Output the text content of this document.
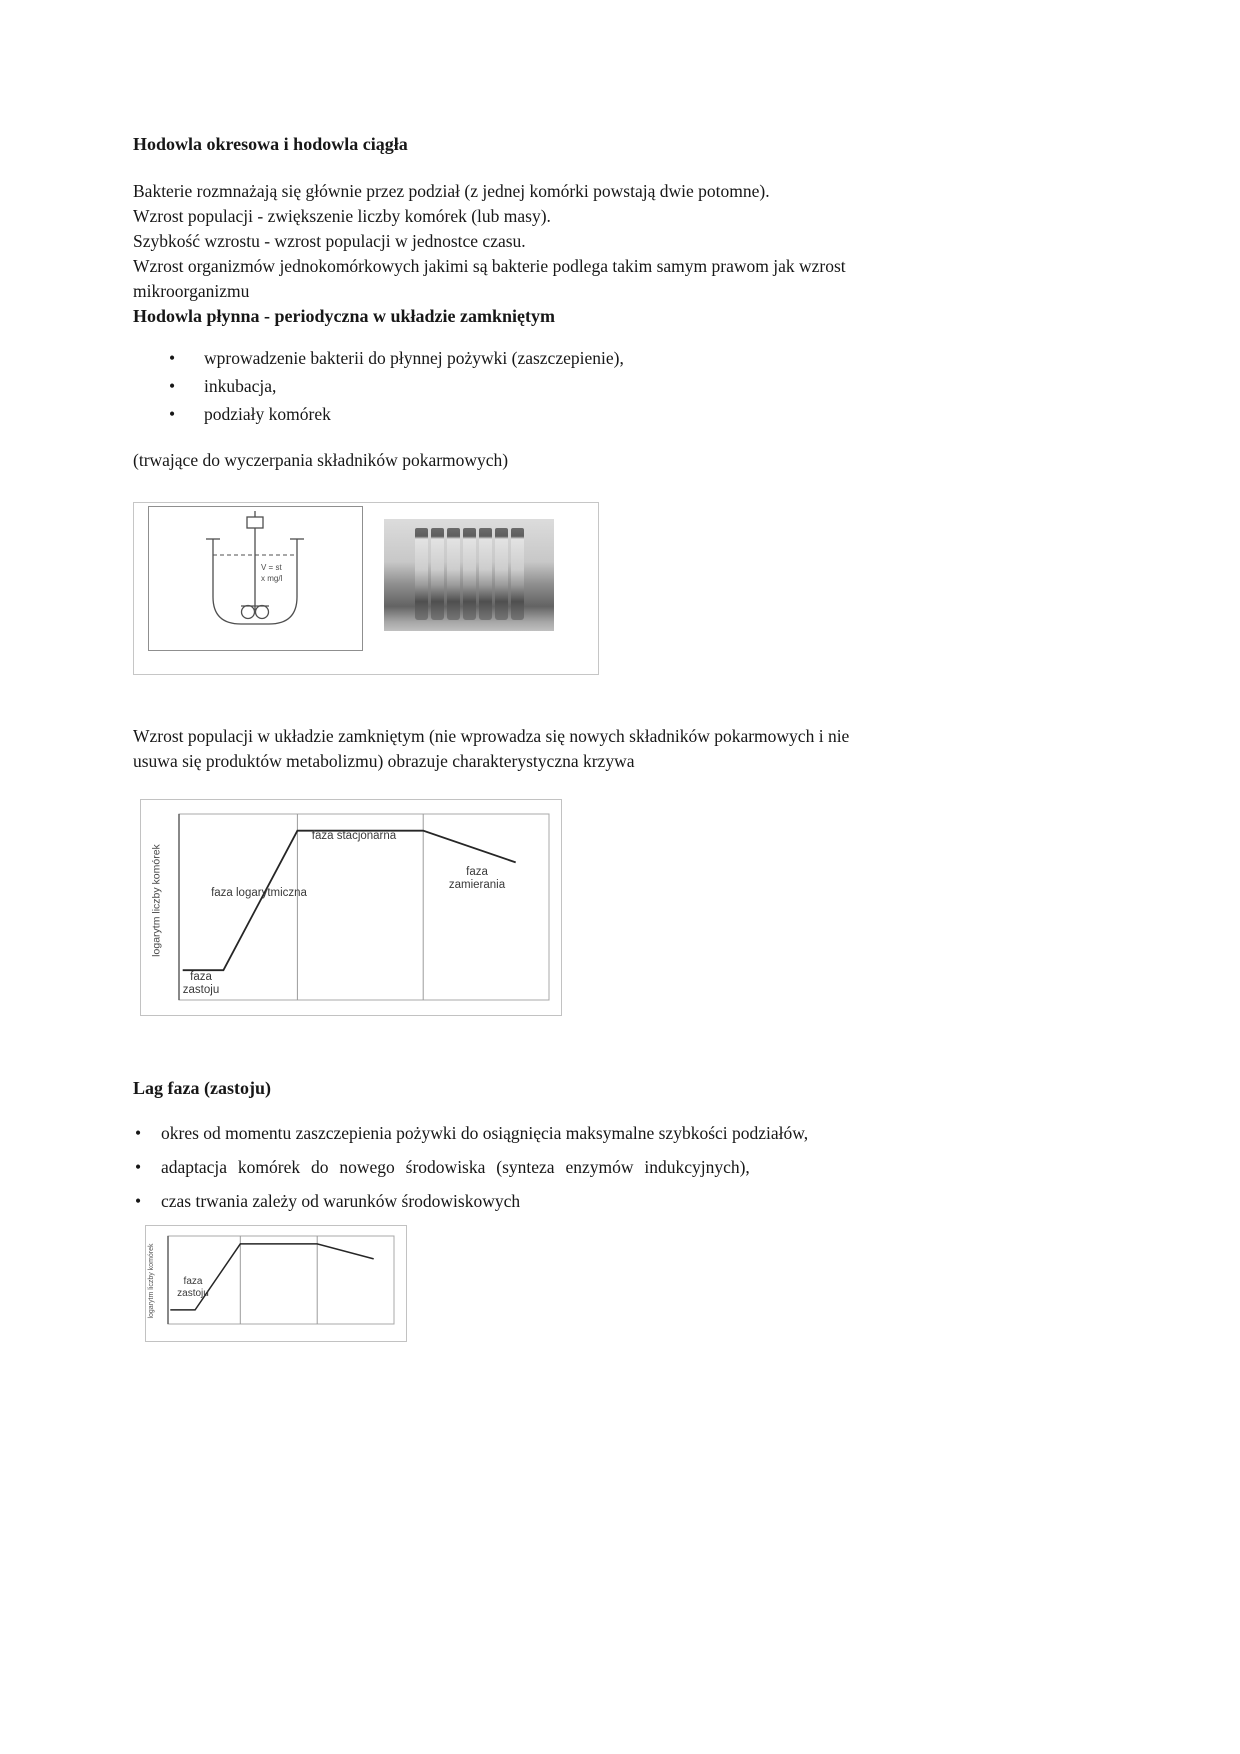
Hodowla okresowa i hodowla ciągła
Bakterie rozmnażają się głównie przez podział (z jednej komórki powstają dwie potomne).
Wzrost populacji - zwiększenie liczby komórek (lub masy).
Szybkość wzrostu - wzrost populacji w jednostce czasu.
Wzrost organizmów jednokomórkowych jakimi są bakterie podlega takim samym prawom jak wzrost
mikroorganizmu
Hodowla płynna - periodyczna w układzie zamkniętym
• wprowadzenie bakterii do płynnej pożywki (zaszczepienie),
• inkubacja,
• podziały komórek

(trwające do wyczerpania składników pokarmowych)

V = st
x mg/l

Wzrost populacji w układzie zamkniętym (nie wprowadza się nowych składników pokarmowych i nie
usuwa się produktów metabolizmu) obrazuje charakterystyczna krzywa

faza zastoju
faza logarytmiczna
faza stacjonarna
faza zamierania
logarytm liczby komórek
Lag faza (zastoju)
• okres od momentu zaszczepienia pożywki do osiągnięcia maksymalne szybkości podziałów,
• adaptacja komórek do nowego środowiska (synteza enzymów indukcyjnych),
• czas trwania zależy od warunków środowiskowych
faza zastoju
logarytm liczby komórek
